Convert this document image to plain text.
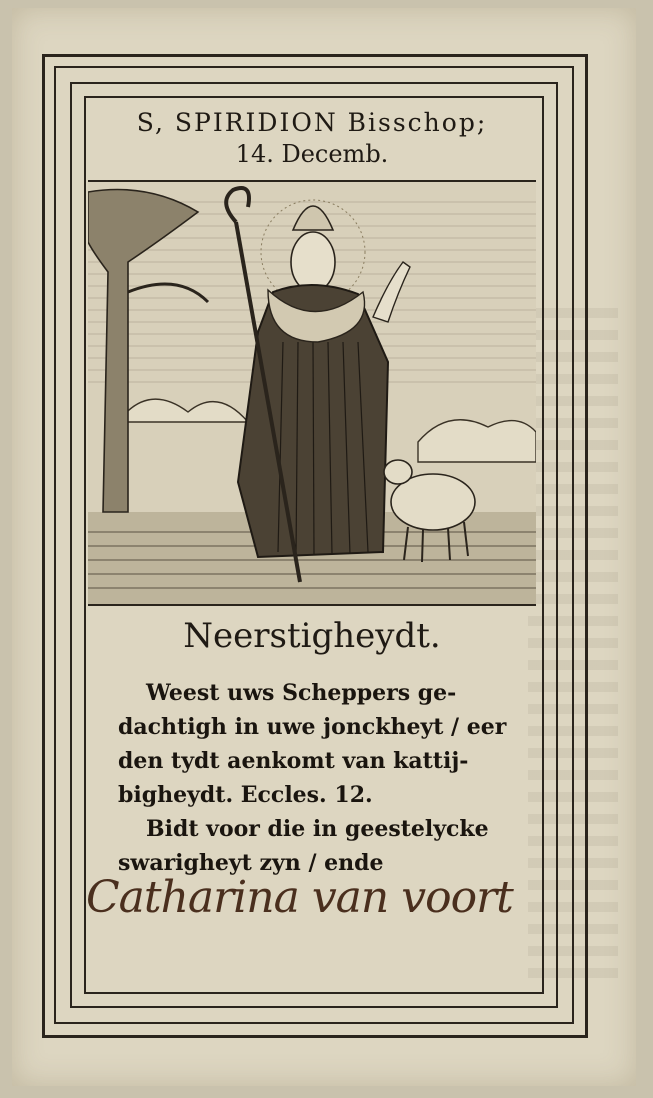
S, SPIRIDION Bisschop;
14. Decemb.
Neerstigheydt.
Weest uws Scheppers ge-
dachtigh in uwe jonckheyt / eer
den tydt aenkomt van kattij-
bigheydt. Eccles. 12.
Bidt voor die in geestelycke
swarigheyt zyn / ende
Catharina van voort
